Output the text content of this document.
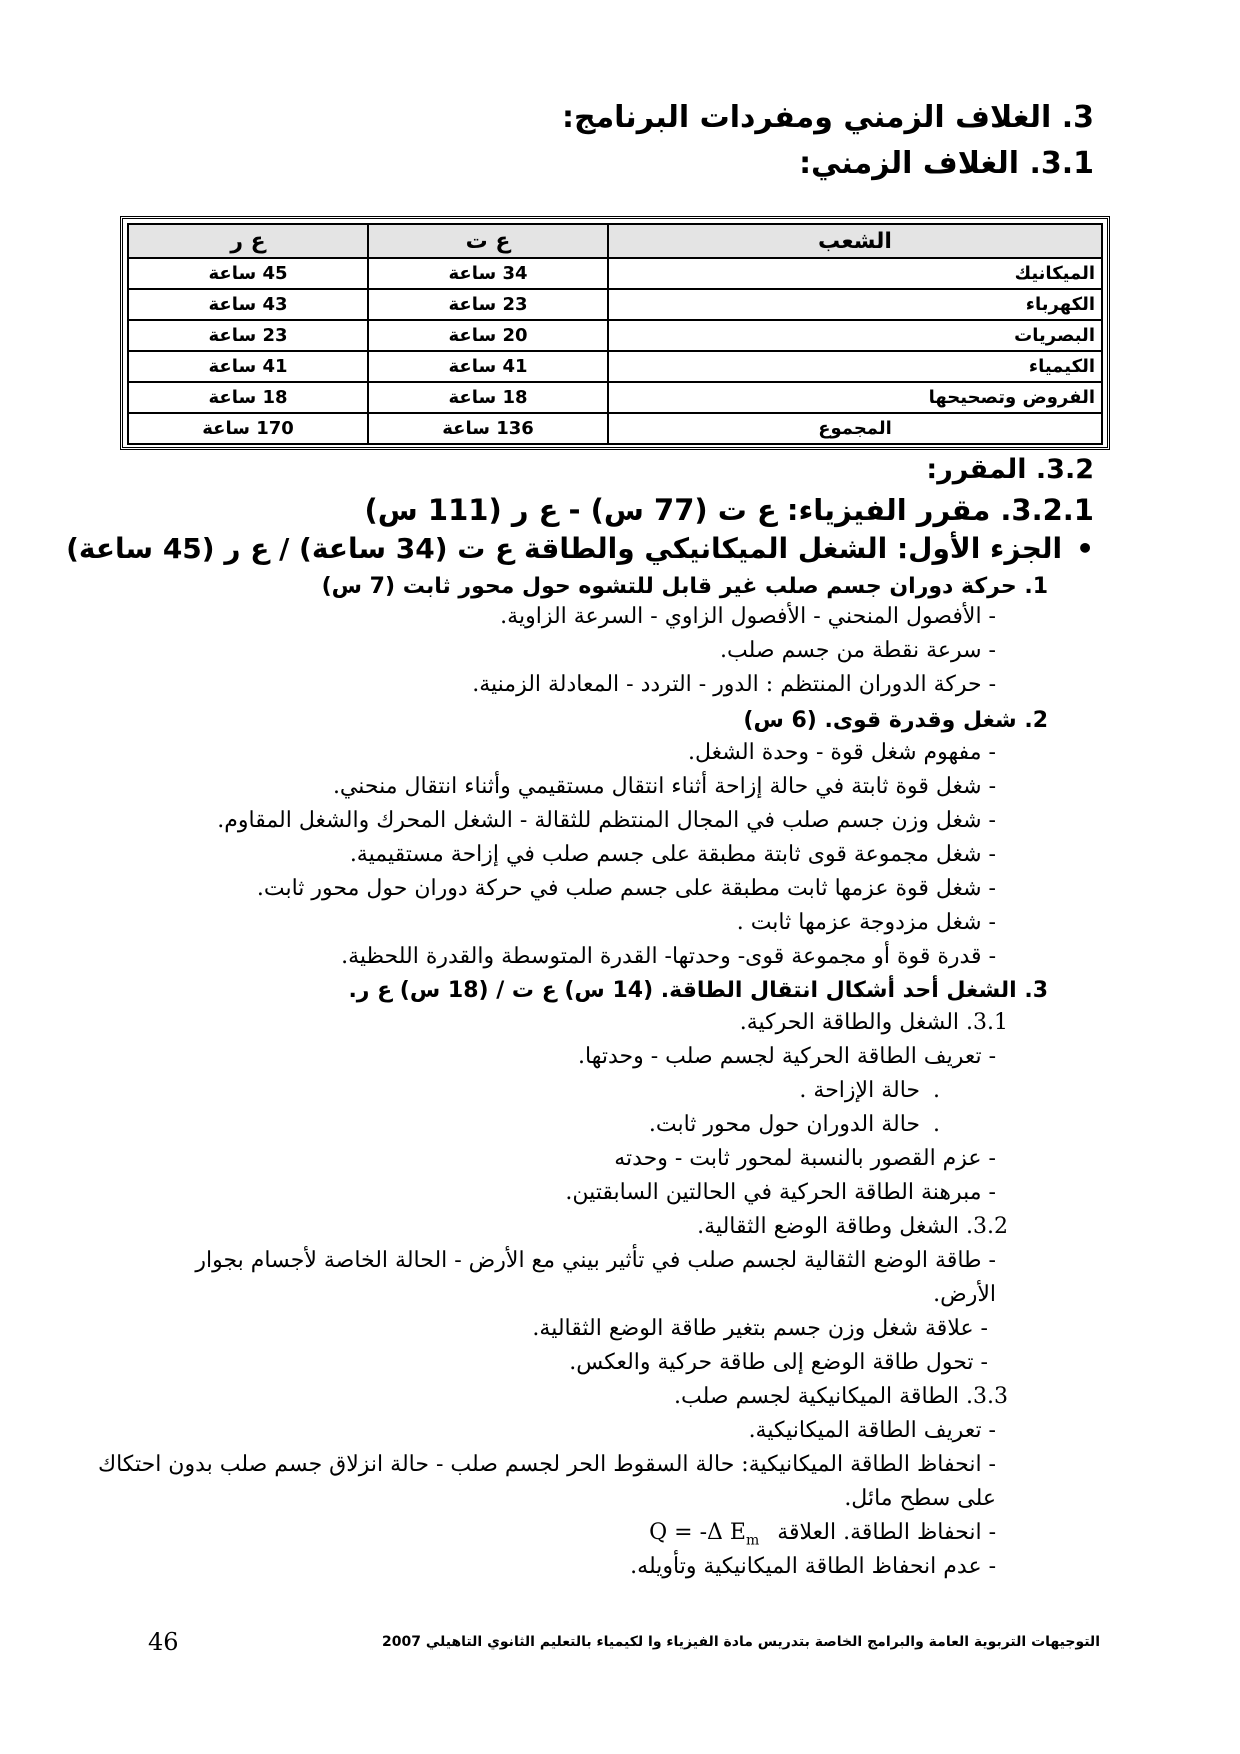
3. الغلاف الزمني ومفردات البرنامج:
3.1. الغلاف الزمني:
الشعب	ع ت	ع ر
الميكانيك	34 ساعة	45 ساعة
الكهرباء	23 ساعة	43 ساعة
البصريات	20 ساعة	23 ساعة
الكيمياء	41 ساعة	41 ساعة
الفروض وتصحيحها	18 ساعة	18 ساعة
المجموع	136 ساعة	170 ساعة
3.2. المقرر:
3.2.1. مقرر الفيزياء: ع ت (77 س) - ع ر (111 س)
•الجزء الأول: الشغل الميكانيكي والطاقة ع ت (34 ساعة) / ع ر (45 ساعة)
1. حركة دوران جسم صلب غير قابل للتشوه حول محور ثابت (7 س)
- الأفصول المنحني - الأفصول الزاوي - السرعة الزاوية.
- سرعة نقطة من جسم صلب.
- حركة الدوران المنتظم : الدور - التردد - المعادلة الزمنية.
2. شغل وقدرة قوى. (6 س)
- مفهوم شغل قوة - وحدة الشغل.
- شغل قوة ثابتة في حالة إزاحة أثناء انتقال مستقيمي وأثناء انتقال منحني.
- شغل وزن جسم صلب في المجال المنتظم للثقالة - الشغل المحرك والشغل المقاوم.
- شغل مجموعة قوى ثابتة مطبقة على جسم صلب في إزاحة مستقيمية.
- شغل قوة عزمها ثابت مطبقة على جسم صلب في حركة دوران حول محور ثابت.
- شغل مزدوجة عزمها ثابت .
- قدرة قوة أو مجموعة قوى- وحدتها- القدرة المتوسطة والقدرة اللحظية.
3. الشغل أحد أشكال انتقال الطاقة. (14 س) ع ت / (18 س) ع ر.
3.1. الشغل والطاقة الحركية.
- تعريف الطاقة الحركية لجسم صلب - وحدتها.
.حالة الإزاحة .
.حالة الدوران حول محور ثابت.
- عزم القصور بالنسبة لمحور ثابت - وحدته
- مبرهنة الطاقة الحركية في الحالتين السابقتين.
3.2. الشغل وطاقة الوضع الثقالية.
- طاقة الوضع الثقالية لجسم صلب في تأثير بيني مع الأرض - الحالة الخاصة لأجسام بجوار
الأرض.
- علاقة شغل وزن جسم بتغير طاقة الوضع الثقالية.
- تحول طاقة الوضع إلى طاقة حركية والعكس.
3.3. الطاقة الميكانيكية لجسم صلب.
- تعريف الطاقة الميكانيكية.
- انحفاظ الطاقة الميكانيكية: حالة السقوط الحر لجسم صلب - حالة انزلاق جسم صلب بدون احتكاك
على سطح مائل.
- انحفاظ الطاقة. العلاقةQ = -Δ $E_m$
- عدم انحفاظ الطاقة الميكانيكية وتأويله.
التوجيهات التربوية العامة والبرامج الخاصة بتدريس مادة الفيزياء وا لكيمياء بالتعليم الثانوي التاهيلي 2007
46
